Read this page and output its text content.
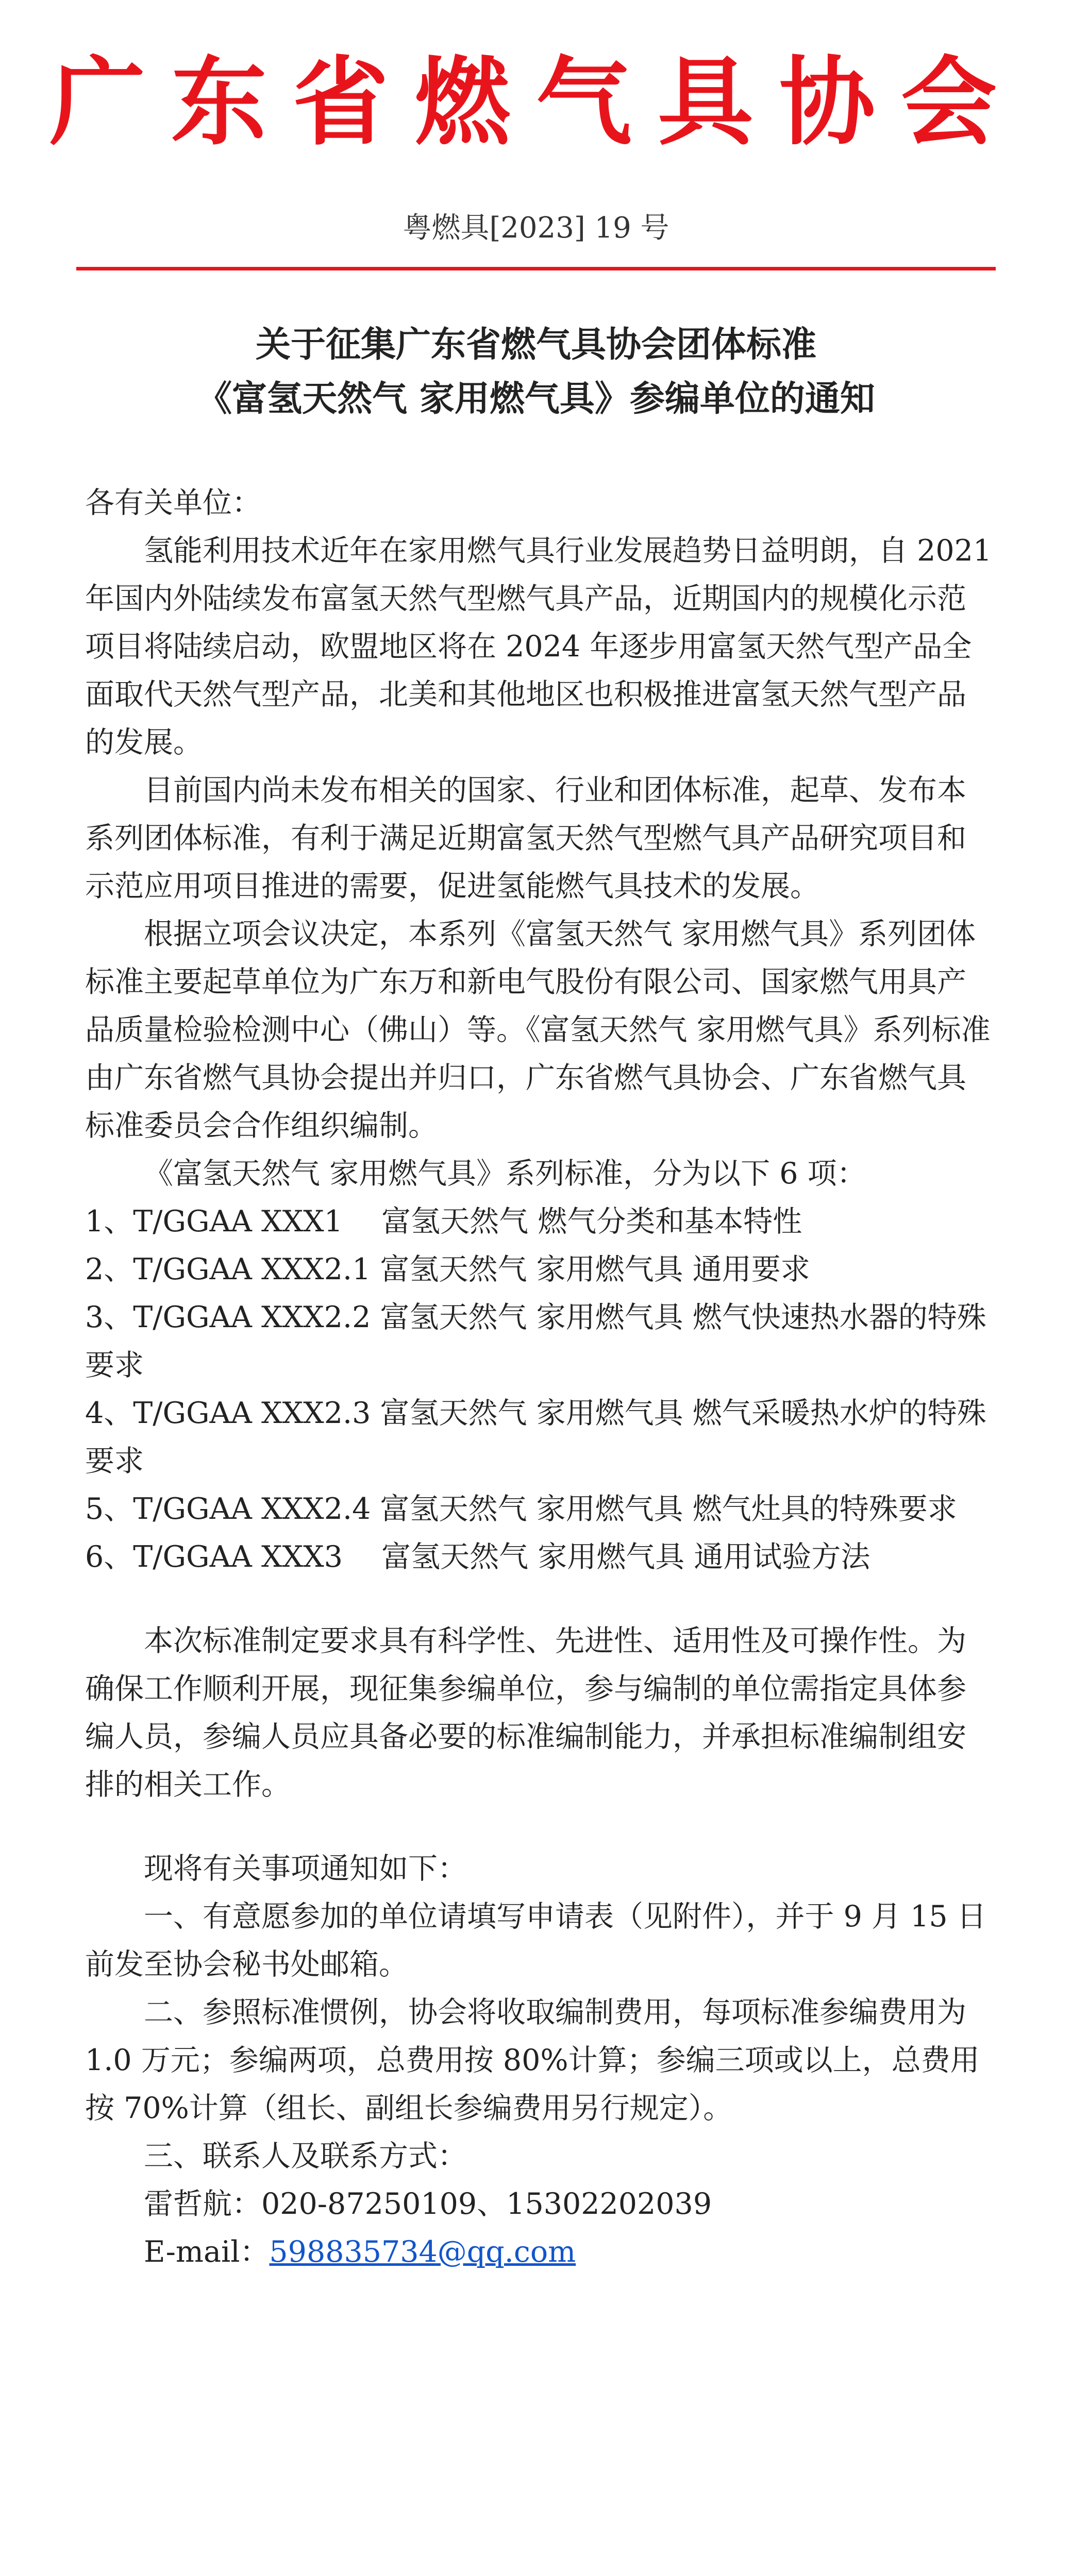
广东省燃气具协会
粤燃具[2023] 19 号
关于征集广东省燃气具协会团体标准
《富氢天然气 家用燃气具》参编单位的通知

各有关单位：

氢能利用技术近年在家用燃气具行业发展趋势日益明朗，自 2021 年国内外陆续发布富氢天然气型燃气具产品，近期国内的规模化示范项目将陆续启动，欧盟地区将在 2024 年逐步用富氢天然气型产品全面取代天然气型产品，北美和其他地区也积极推进富氢天然气型产品的发展。

目前国内尚未发布相关的国家、行业和团体标准，起草、发布本系列团体标准，有利于满足近期富氢天然气型燃气具产品研究项目和示范应用项目推进的需要，促进氢能燃气具技术的发展。

根据立项会议决定，本系列《富氢天然气 家用燃气具》系列团体标准主要起草单位为广东万和新电气股份有限公司、国家燃气用具产品质量检验检测中心（佛山）等。《富氢天然气 家用燃气具》系列标准由广东省燃气具协会提出并归口，广东省燃气具协会、广东省燃气具标准委员会合作组织编制。

《富氢天然气 家用燃气具》系列标准，分为以下 6 项：

1、T/GGAA XXX1 　富氢天然气 燃气分类和基本特性

2、T/GGAA XXX2.1 富氢天然气 家用燃气具 通用要求

3、T/GGAA XXX2.2 富氢天然气 家用燃气具 燃气快速热水器的特殊要求

4、T/GGAA XXX2.3 富氢天然气 家用燃气具 燃气采暖热水炉的特殊要求

5、T/GGAA XXX2.4 富氢天然气 家用燃气具 燃气灶具的特殊要求

6、T/GGAA XXX3 　富氢天然气 家用燃气具 通用试验方法

本次标准制定要求具有科学性、先进性、适用性及可操作性。为确保工作顺利开展，现征集参编单位，参与编制的单位需指定具体参编人员，参编人员应具备必要的标准编制能力，并承担标准编制组安排的相关工作。

现将有关事项通知如下：

一、有意愿参加的单位请填写申请表（见附件），并于 9 月 15 日前发至协会秘书处邮箱。

二、参照标准惯例，协会将收取编制费用，每项标准参编费用为 1.0 万元；参编两项，总费用按 80%计算；参编三项或以上，总费用按 70%计算（组长、副组长参编费用另行规定）。

三、联系人及联系方式：

雷哲航：020-87250109、15302202039

E-mail：598835734@qq.com
